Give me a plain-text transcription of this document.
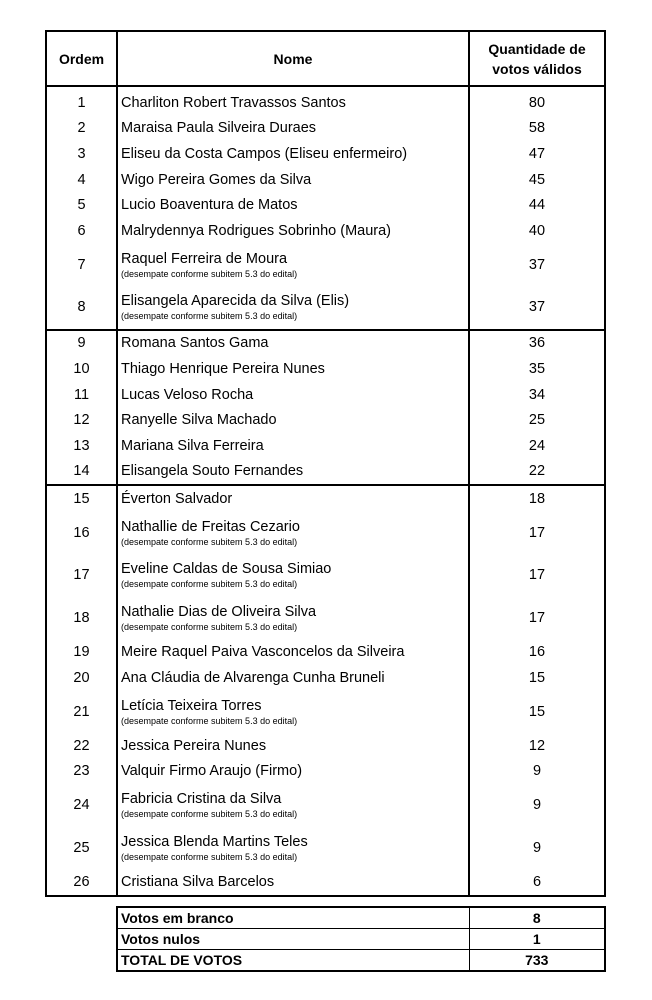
Ordem	Nome	Quantidade de
votos válidos
1	Charliton Robert Travassos Santos	80
2	Maraisa Paula Silveira Duraes	58
3	Eliseu da Costa Campos (Eliseu enfermeiro)	47
4	Wigo Pereira Gomes da Silva	45
5	Lucio Boaventura de Matos	44
6	Malrydennya Rodrigues Sobrinho (Maura)	40
7	Raquel Ferreira de Moura
(desempate conforme subitem 5.3 do edital)	37
8	Elisangela Aparecida da Silva (Elis)
(desempate conforme subitem 5.3 do edital)	37
9	Romana Santos Gama	36
10	Thiago Henrique Pereira Nunes	35
11	Lucas Veloso Rocha	34
12	Ranyelle Silva Machado	25
13	Mariana Silva Ferreira	24
14	Elisangela Souto Fernandes	22
15	Éverton Salvador	18
16	Nathallie de Freitas Cezario
(desempate conforme subitem 5.3 do edital)	17
17	Eveline Caldas de Sousa Simiao
(desempate conforme subitem 5.3 do edital)	17
18	Nathalie Dias de Oliveira Silva
(desempate conforme subitem 5.3 do edital)	17
19	Meire Raquel Paiva Vasconcelos da Silveira	16
20	Ana Cláudia de Alvarenga Cunha Bruneli	15
21	Letícia Teixeira Torres
(desempate conforme subitem 5.3 do edital)	15
22	Jessica Pereira Nunes	12
23	Valquir Firmo Araujo (Firmo)	9
24	Fabricia Cristina da Silva
(desempate conforme subitem 5.3 do edital)	9
25	Jessica Blenda Martins Teles
(desempate conforme subitem 5.3 do edital)	9
26	Cristiana Silva Barcelos	6
Votos em branco	8
Votos nulos	1
TOTAL DE VOTOS	733
